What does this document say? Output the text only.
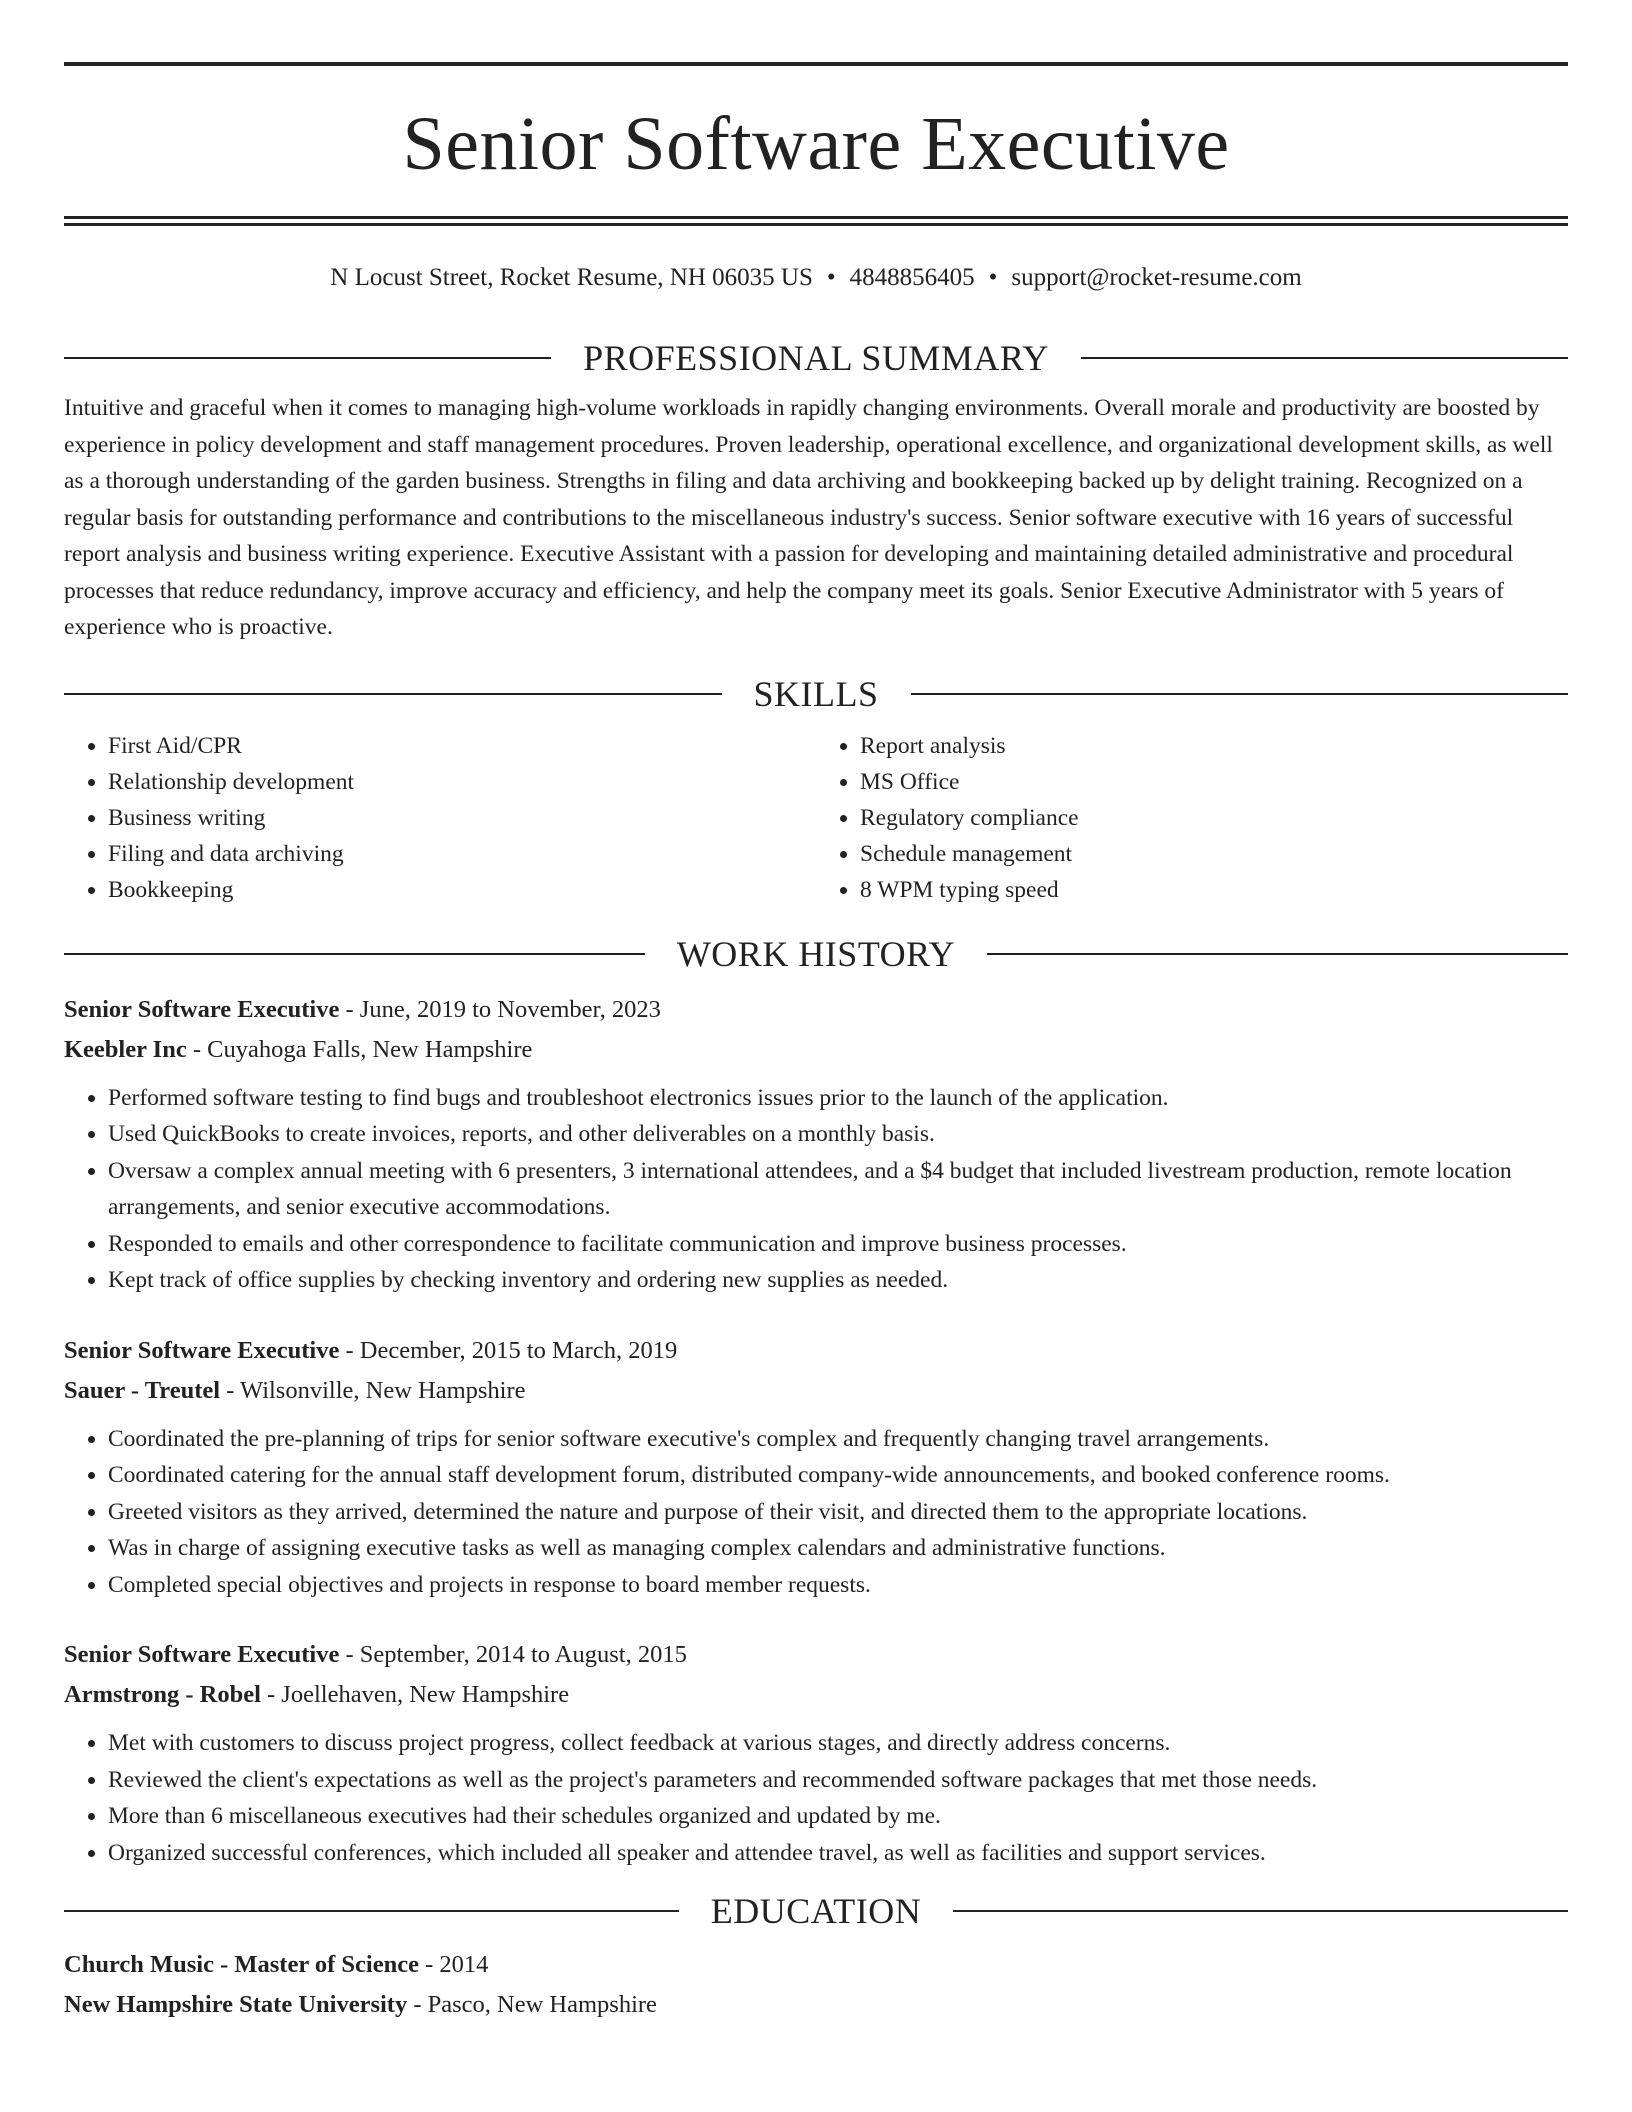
Senior Software Executive
N Locust Street, Rocket Resume, NH 06035 US • 4848856405 • support@rocket-resume.com
PROFESSIONAL SUMMARY

Intuitive and graceful when it comes to managing high-volume workloads in rapidly changing environments. Overall morale and productivity are boosted by experience in policy development and staff management procedures. Proven leadership, operational excellence, and organizational development skills, as well as a thorough understanding of the garden business. Strengths in filing and data archiving and bookkeeping backed up by delight training. Recognized on a regular basis for outstanding performance and contributions to the miscellaneous industry's success. Senior software executive with 16 years of successful report analysis and business writing experience. Executive Assistant with a passion for developing and maintaining detailed administrative and procedural processes that reduce redundancy, improve accuracy and efficiency, and help the company meet its goals. Senior Executive Administrator with 5 years of experience who is proactive.

SKILLS
• First Aid/CPR
• Relationship development
• Business writing
• Filing and data archiving
• Bookkeeping
• Report analysis
• MS Office
• Regulatory compliance
• Schedule management
• 8 WPM typing speed
WORK HISTORY
Senior Software Executive - June, 2019 to November, 2023
Keebler Inc - Cuyahoga Falls, New Hampshire
• Performed software testing to find bugs and troubleshoot electronics issues prior to the launch of the application.
• Used QuickBooks to create invoices, reports, and other deliverables on a monthly basis.
• Oversaw a complex annual meeting with 6 presenters, 3 international attendees, and a $4 budget that included livestream production, remote location arrangements, and senior executive accommodations.
• Responded to emails and other correspondence to facilitate communication and improve business processes.
• Kept track of office supplies by checking inventory and ordering new supplies as needed.
Senior Software Executive - December, 2015 to March, 2019
Sauer - Treutel - Wilsonville, New Hampshire
• Coordinated the pre-planning of trips for senior software executive's complex and frequently changing travel arrangements.
• Coordinated catering for the annual staff development forum, distributed company-wide announcements, and booked conference rooms.
• Greeted visitors as they arrived, determined the nature and purpose of their visit, and directed them to the appropriate locations.
• Was in charge of assigning executive tasks as well as managing complex calendars and administrative functions.
• Completed special objectives and projects in response to board member requests.
Senior Software Executive - September, 2014 to August, 2015
Armstrong - Robel - Joellehaven, New Hampshire
• Met with customers to discuss project progress, collect feedback at various stages, and directly address concerns.
• Reviewed the client's expectations as well as the project's parameters and recommended software packages that met those needs.
• More than 6 miscellaneous executives had their schedules organized and updated by me.
• Organized successful conferences, which included all speaker and attendee travel, as well as facilities and support services.
EDUCATION
Church Music - Master of Science - 2014
New Hampshire State University - Pasco, New Hampshire
